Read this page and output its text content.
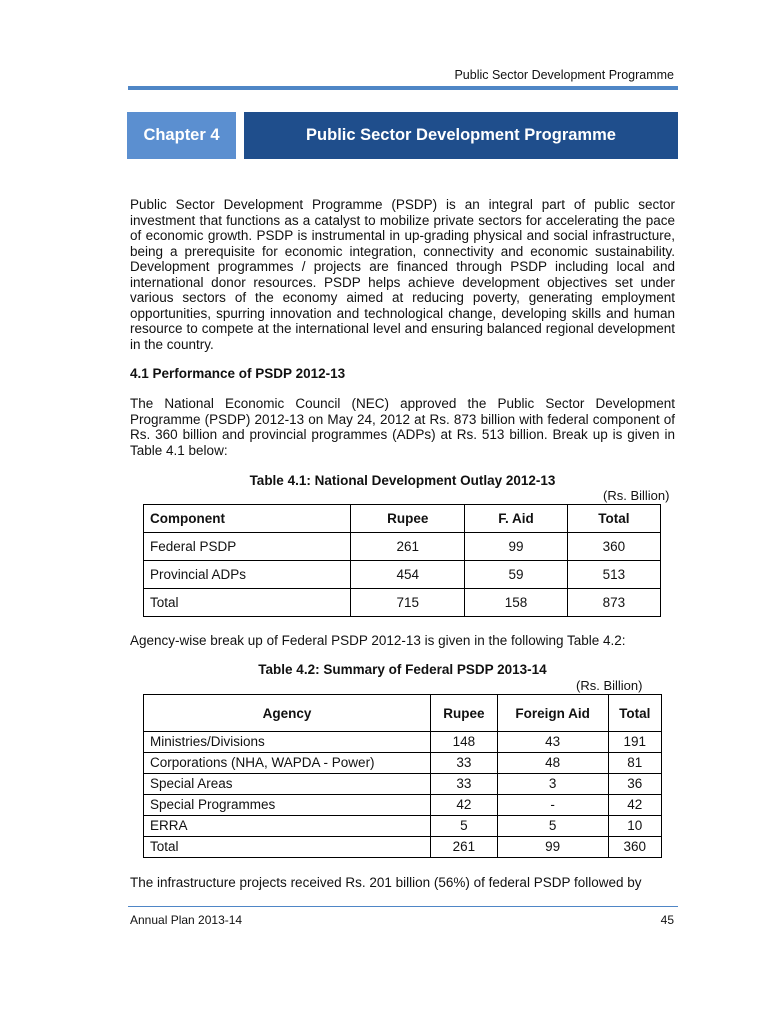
Public Sector Development Programme
Chapter 4	Public Sector Development Programme

Public Sector Development Programme (PSDP) is an integral part of public sector investment that functions as a catalyst to mobilize private sectors for accelerating the pace of economic growth. PSDP is instrumental in up-grading physical and social infrastructure, being a prerequisite for economic integration, connectivity and economic sustainability. Development programmes / projects are financed through PSDP including local and international donor resources. PSDP helps achieve development objectives set under various sectors of the economy aimed at reducing poverty, generating employment opportunities, spurring innovation and technological change, developing skills and human resource to compete at the international level and ensuring balanced regional development in the country.

4.1 Performance of PSDP 2012-13

The National Economic Council (NEC) approved the Public Sector Development Programme (PSDP) 2012-13 on May 24, 2012 at Rs. 873 billion with federal component of Rs. 360 billion and provincial programmes (ADPs) at Rs. 513 billion. Break up is given in Table 4.1 below:

Table 4.1: National Development Outlay 2012-13
(Rs. Billion)
Component	Rupee	F. Aid	Total
Federal PSDP	261	99	360
Provincial ADPs	454	59	513
Total	715	158	873

Agency-wise break up of Federal PSDP 2012-13 is given in the following Table 4.2:

Table 4.2: Summary of Federal PSDP 2013-14
(Rs. Billion)
Agency	Rupee	Foreign Aid	Total
Ministries/Divisions	148	43	191
Corporations (NHA, WAPDA - Power)	33	48	81
Special Areas	33	3	36
Special Programmes	42	-	42
ERRA	5	5	10
Total	261	99	360

The infrastructure projects received Rs. 201 billion (56%) of federal PSDP followed by

Annual Plan 2013-14	45
